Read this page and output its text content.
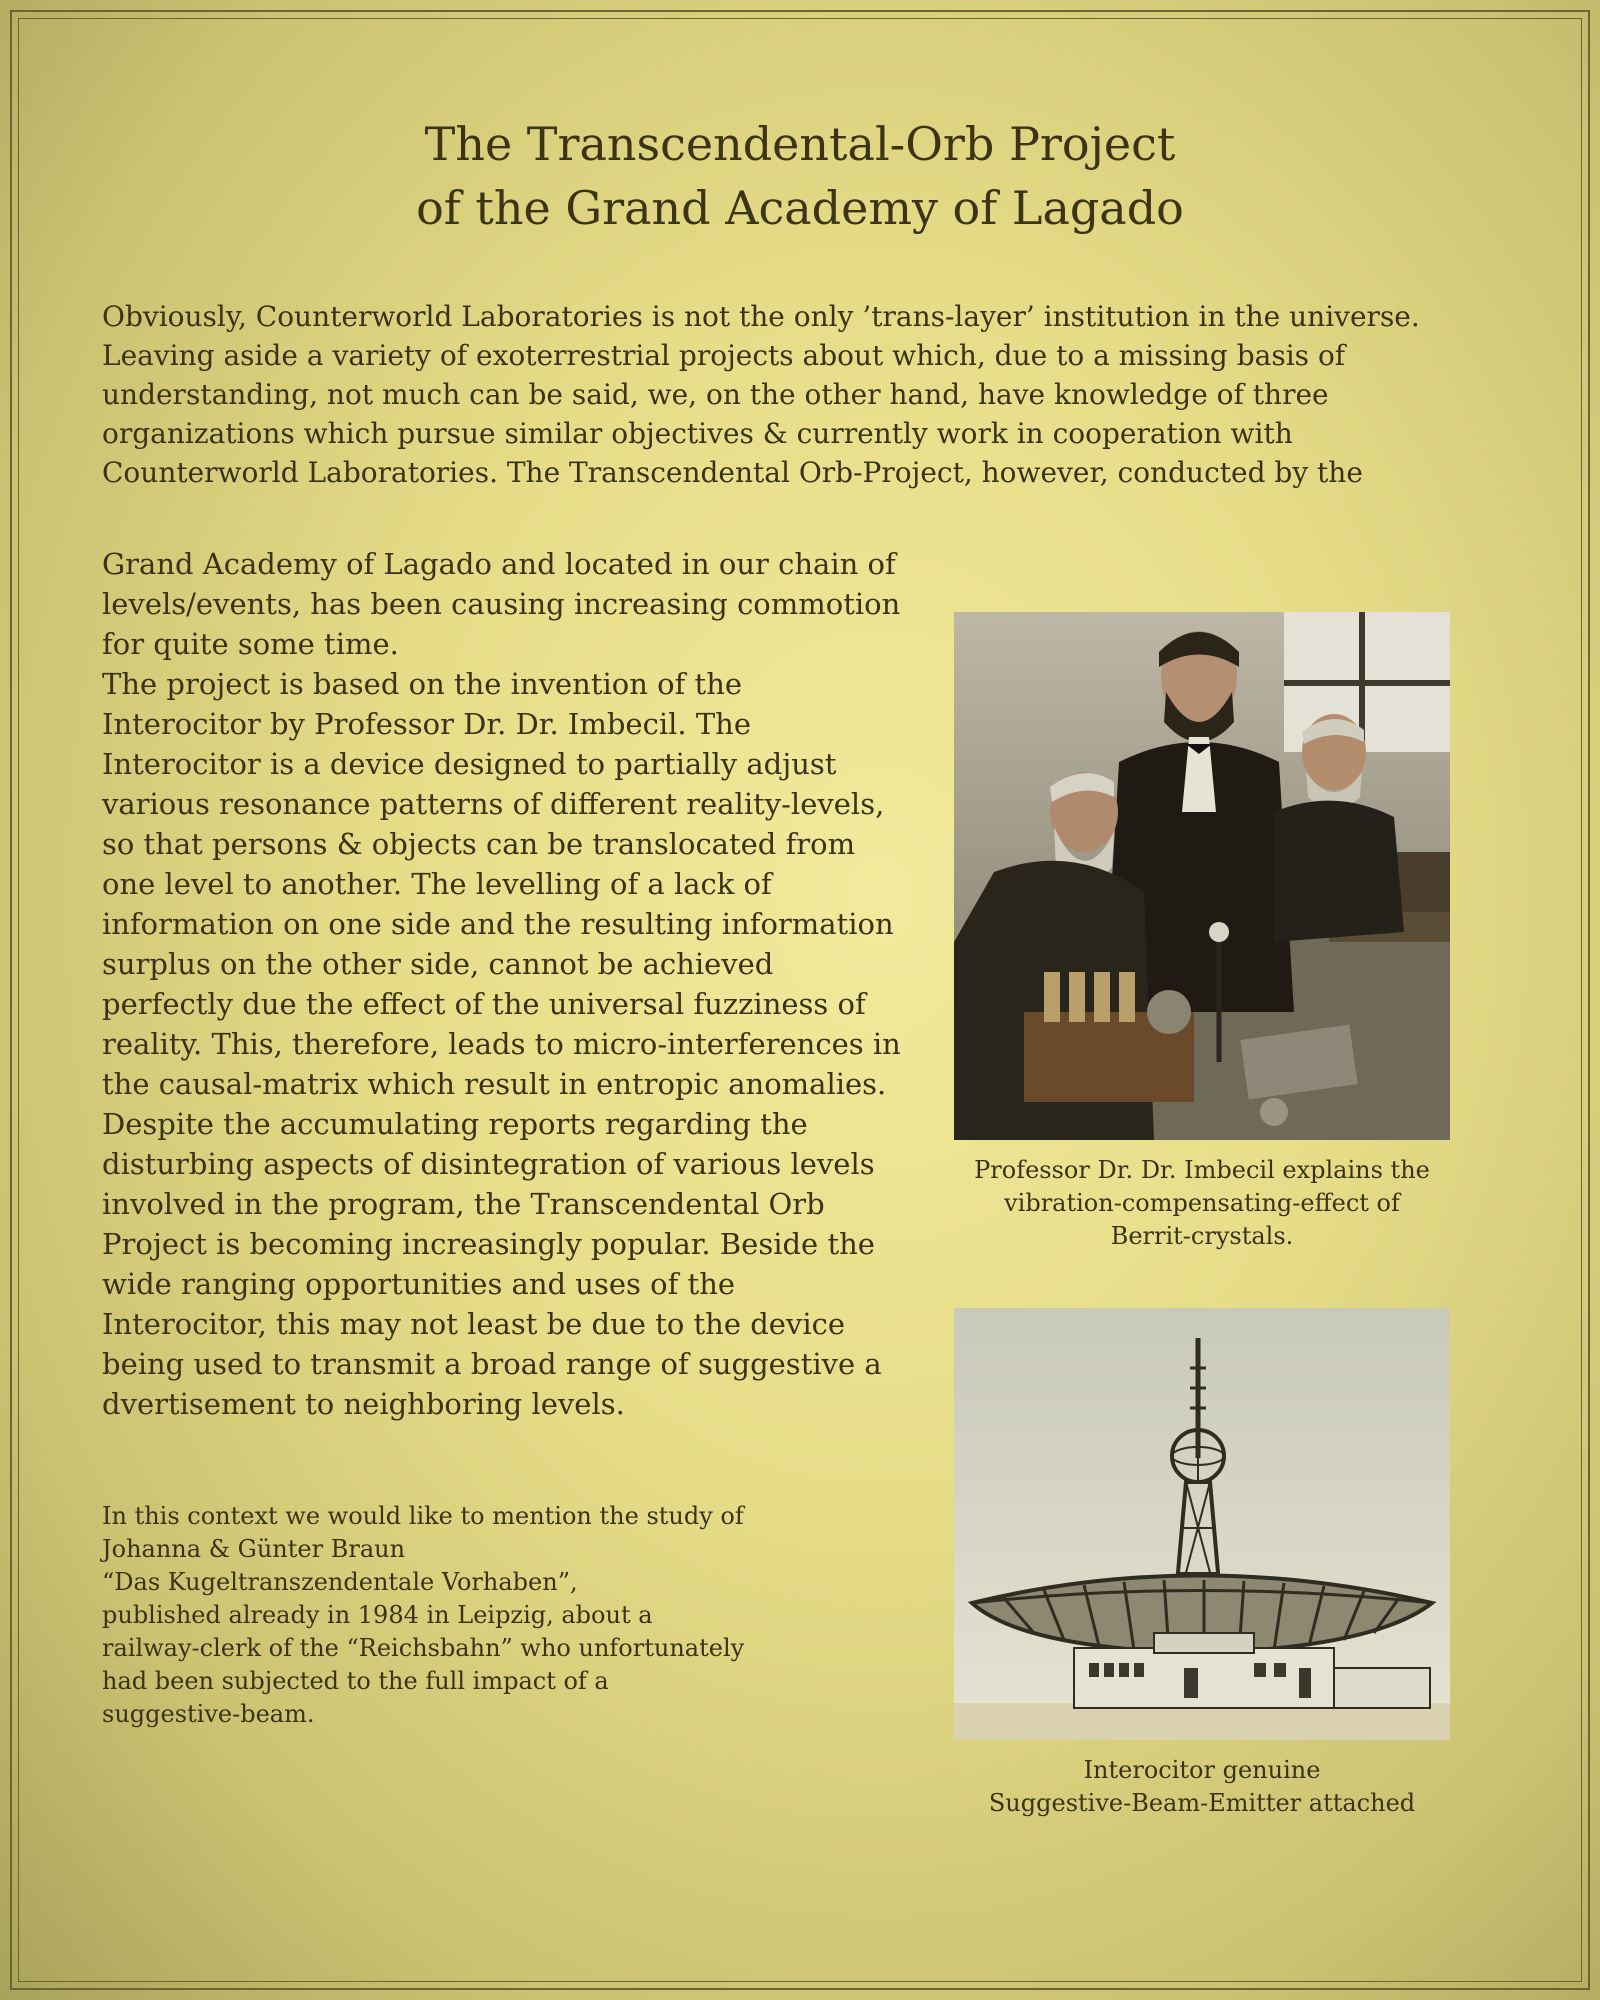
The Transcendental-Orb Project
of the Grand Academy of Lagado

Obviously, Counterworld Laboratories is not the only ’trans-layer’ institution in the universe.

Leaving aside a variety of exoterrestrial projects about which, due to a missing basis of understanding, not much can be said, we, on the other hand, have knowledge of three organizations which pursue similar objectives & currently work in cooperation with Counterworld Laboratories. The Transcendental Orb-Project, however, conducted by the

Grand Academy of Lagado and located in our chain of levels/events, has been causing increasing commotion for quite some time.

The project is based on the invention of the Interocitor by Professor Dr. Dr. Imbecil. The Interocitor is a device designed to partially adjust various resonance patterns of different reality-levels, so that persons & objects can be translocated from one level to another. The levelling of a lack of information on one side and the resulting information surplus on the other side, cannot be achieved perfectly due the effect of the universal fuzziness of reality. This, therefore, leads to micro-interferences in the causal-matrix which result in entropic anomalies. Despite the accumulating reports regarding the disturbing aspects of disintegration of various levels involved in the program, the Transcendental Orb Project is becoming increasingly popular. Beside the wide ranging opportunities and uses of the Interocitor, this may not least be due to the device being used to transmit a broad range of suggestive a dvertisement to neighboring levels.

In this context we would like to mention the study of

Johanna & Günter Braun

“Das Kugeltranszendentale Vorhaben”,

published already in 1984 in Leipzig, about a

railway-clerk of the “Reichsbahn” who unfortunately

had been subjected to the full impact of a

suggestive-beam.

Professor Dr. Dr. Imbecil explains the
vibration-compensating-effect of
Berrit-crystals.
Interocitor genuine
Suggestive-Beam-Emitter attached
